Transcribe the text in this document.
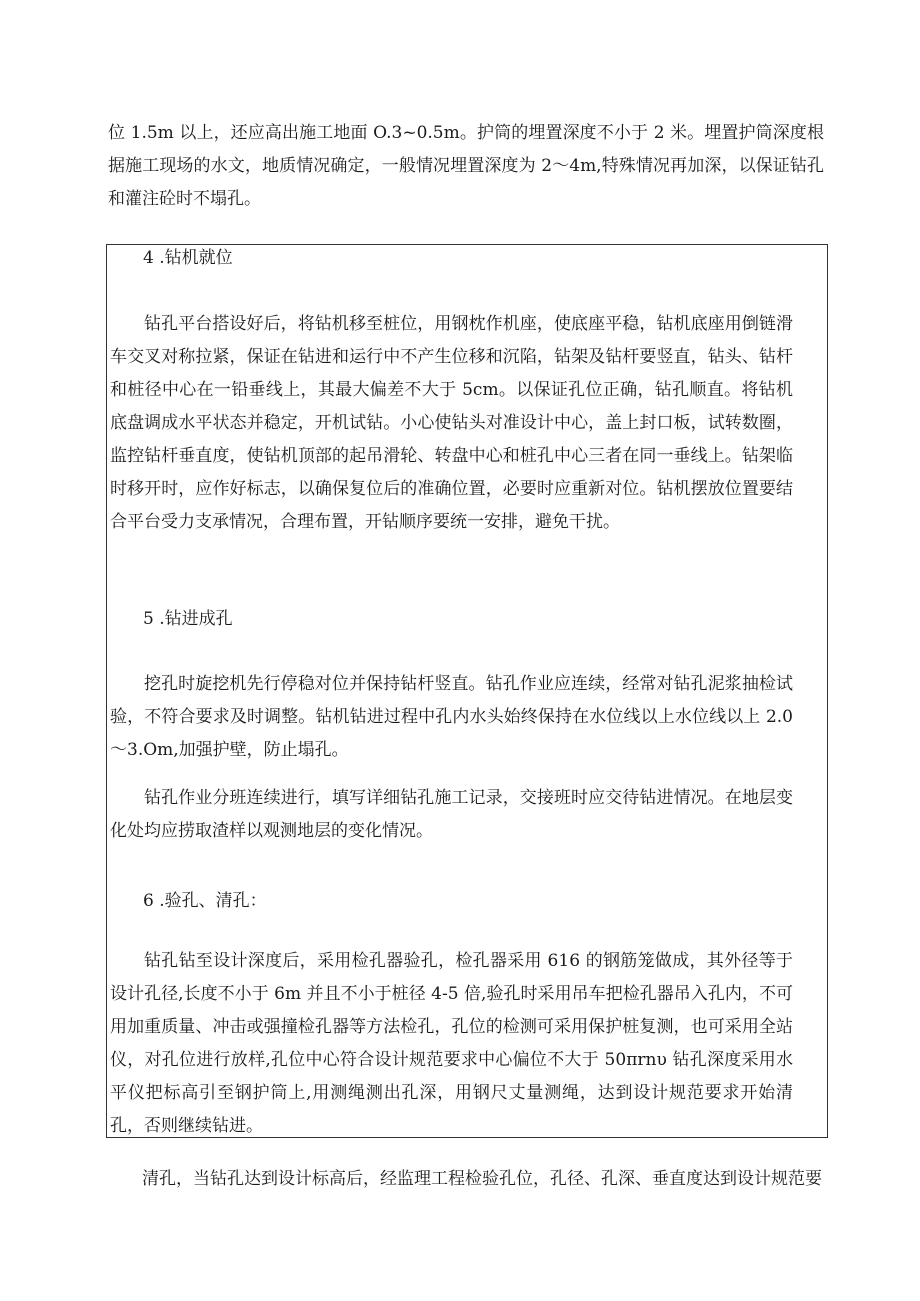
位 1.5m 以上，还应高出施工地面 O.3~0.5m。护筒的埋置深度不小于 2 米。埋置护筒深度根据施工现场的水文，地质情况确定，一般情况埋置深度为 2～4m,特殊情况再加深，以保证钻孔和灌注砼时不塌孔。

4 .钻机就位

钻孔平台搭设好后，将钻机移至桩位，用钢枕作机座，使底座平稳，钻机底座用倒链滑车交叉对称拉紧，保证在钻进和运行中不产生位移和沉陷，钻架及钻杆要竖直，钻头、钻杆和桩径中心在一铅垂线上，其最大偏差不大于 5cm。以保证孔位正确，钻孔顺直。将钻机底盘调成水平状态并稳定，开机试钻。小心使钻头对准设计中心，盖上封口板，试转数圈，监控钻杆垂直度，使钻机顶部的起吊滑轮、转盘中心和桩孔中心三者在同一垂线上。钻架临时移开时，应作好标志，以确保复位后的准确位置，必要时应重新对位。钻机摆放位置要结合平台受力支承情况，合理布置，开钻顺序要统一安排，避免干扰。

5 .钻进成孔

挖孔时旋挖机先行停稳对位并保持钻杆竖直。钻孔作业应连续，经常对钻孔泥浆抽检试验，不符合要求及时调整。钻机钻进过程中孔内水头始终保持在水位线以上水位线以上 2.0～3.Om,加强护壁，防止塌孔。

钻孔作业分班连续进行，填写详细钻孔施工记录，交接班时应交待钻进情况。在地层变化处均应捞取渣样以观测地层的变化情况。

6 .验孔、清孔：

钻孔钻至设计深度后，采用检孔器验孔，检孔器采用 616 的钢筋笼做成，其外径等于设计孔径,长度不小于 6m 并且不小于桩径 4-5 倍,验孔时采用吊车把检孔器吊入孔内，不可用加重质量、冲击或强撞检孔器等方法检孔，孔位的检测可采用保护桩复测，也可采用全站仪，对孔位进行放样,孔位中心符合设计规范要求中心偏位不大于 50πrnυ 钻孔深度采用水平仪把标高引至钢护筒上,用测绳测出孔深，用钢尺丈量测绳，达到设计规范要求开始清孔，否则继续钻进。

清孔，当钻孔达到设计标高后，经监理工程检验孔位，孔径、孔深、垂直度达到设计规范要
